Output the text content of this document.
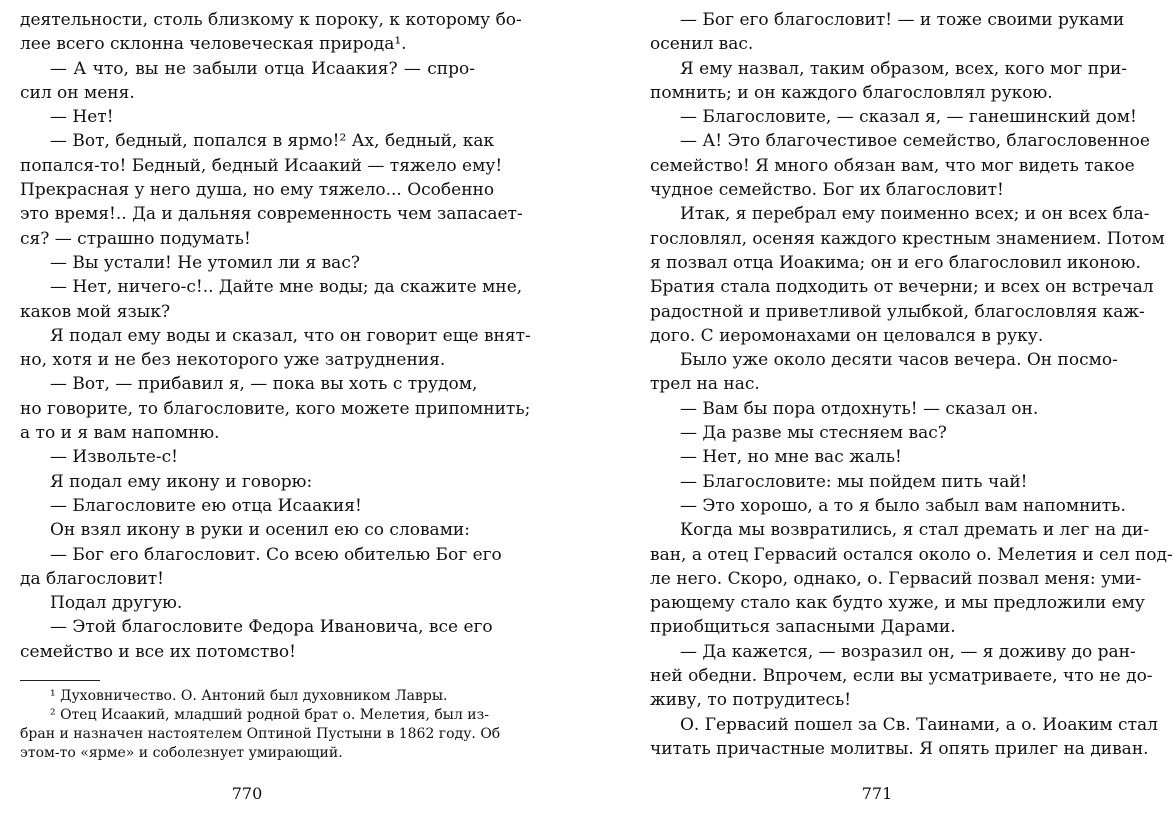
деятельности, столь близкому к пороку, к которому бо-
лее всего склонна человеческая природа¹.
— А что, вы не забыли отца Исаакия? — спро-
сил он меня.
— Нет!
— Вот, бедный, попался в ярмо!² Ах, бедный, как
попался-то! Бедный, бедный Исаакий — тяжело ему!
Прекрасная у него душа, но ему тяжело... Особенно
это время!.. Да и дальняя современность чем запасает-
ся? — страшно подумать!
— Вы устали! Не утомил ли я вас?
— Нет, ничего-с!.. Дайте мне воды; да скажите мне,
каков мой язык?
Я подал ему воды и сказал, что он говорит еще внят-
но, хотя и не без некоторого уже затруднения.
— Вот, — прибавил я, — пока вы хоть с трудом,
но говорите, то благословите, кого можете припомнить;
а то и я вам напомню.
— Извольте-с!
Я подал ему икону и говорю:
— Благословите ею отца Исаакия!
Он взял икону в руки и осенил ею со словами:
— Бог его благословит. Со всею обителью Бог его
да благословит!
Подал другую.
— Этой благословите Федора Ивановича, все его
семейство и все их потомство!
¹ Духовничество. О. Антоний был духовником Лавры.
² Отец Исаакий, младший родной брат о. Мелетия, был из-
бран и назначен настоятелем Оптиной Пустыни в 1862 году. Об
этом-то «ярме» и соболезнует умирающий.
770
— Бог его благословит! — и тоже своими руками
осенил вас.
Я ему назвал, таким образом, всех, кого мог при-
помнить; и он каждого благословлял рукою.
— Благословите, — сказал я, — ганешинский дом!
— А! Это благочестивое семейство, благословенное
семейство! Я много обязан вам, что мог видеть такое
чудное семейство. Бог их благословит!
Итак, я перебрал ему поименно всех; и он всех бла-
гословлял, осеняя каждого крестным знамением. Потом
я позвал отца Иоакима; он и его благословил иконою.
Братия стала подходить от вечерни; и всех он встречал
радостной и приветливой улыбкой, благословляя каж-
дого. С иеромонахами он целовался в руку.
Было уже около десяти часов вечера. Он посмо-
трел на нас.
— Вам бы пора отдохнуть! — сказал он.
— Да разве мы стесняем вас?
— Нет, но мне вас жаль!
— Благословите: мы пойдем пить чай!
— Это хорошо, а то я было забыл вам напомнить.
Когда мы возвратились, я стал дремать и лег на ди-
ван, а отец Гервасий остался около о. Мелетия и сел под-
ле него. Скоро, однако, о. Гервасий позвал меня: уми-
рающему стало как будто хуже, и мы предложили ему
приобщиться запасными Дарами.
— Да кажется, — возразил он, — я доживу до ран-
ней обедни. Впрочем, если вы усматриваете, что не до-
живу, то потрудитесь!
О. Гервасий пошел за Св. Таинами, а о. Иоаким стал
читать причастные молитвы. Я опять прилег на диван.
771
